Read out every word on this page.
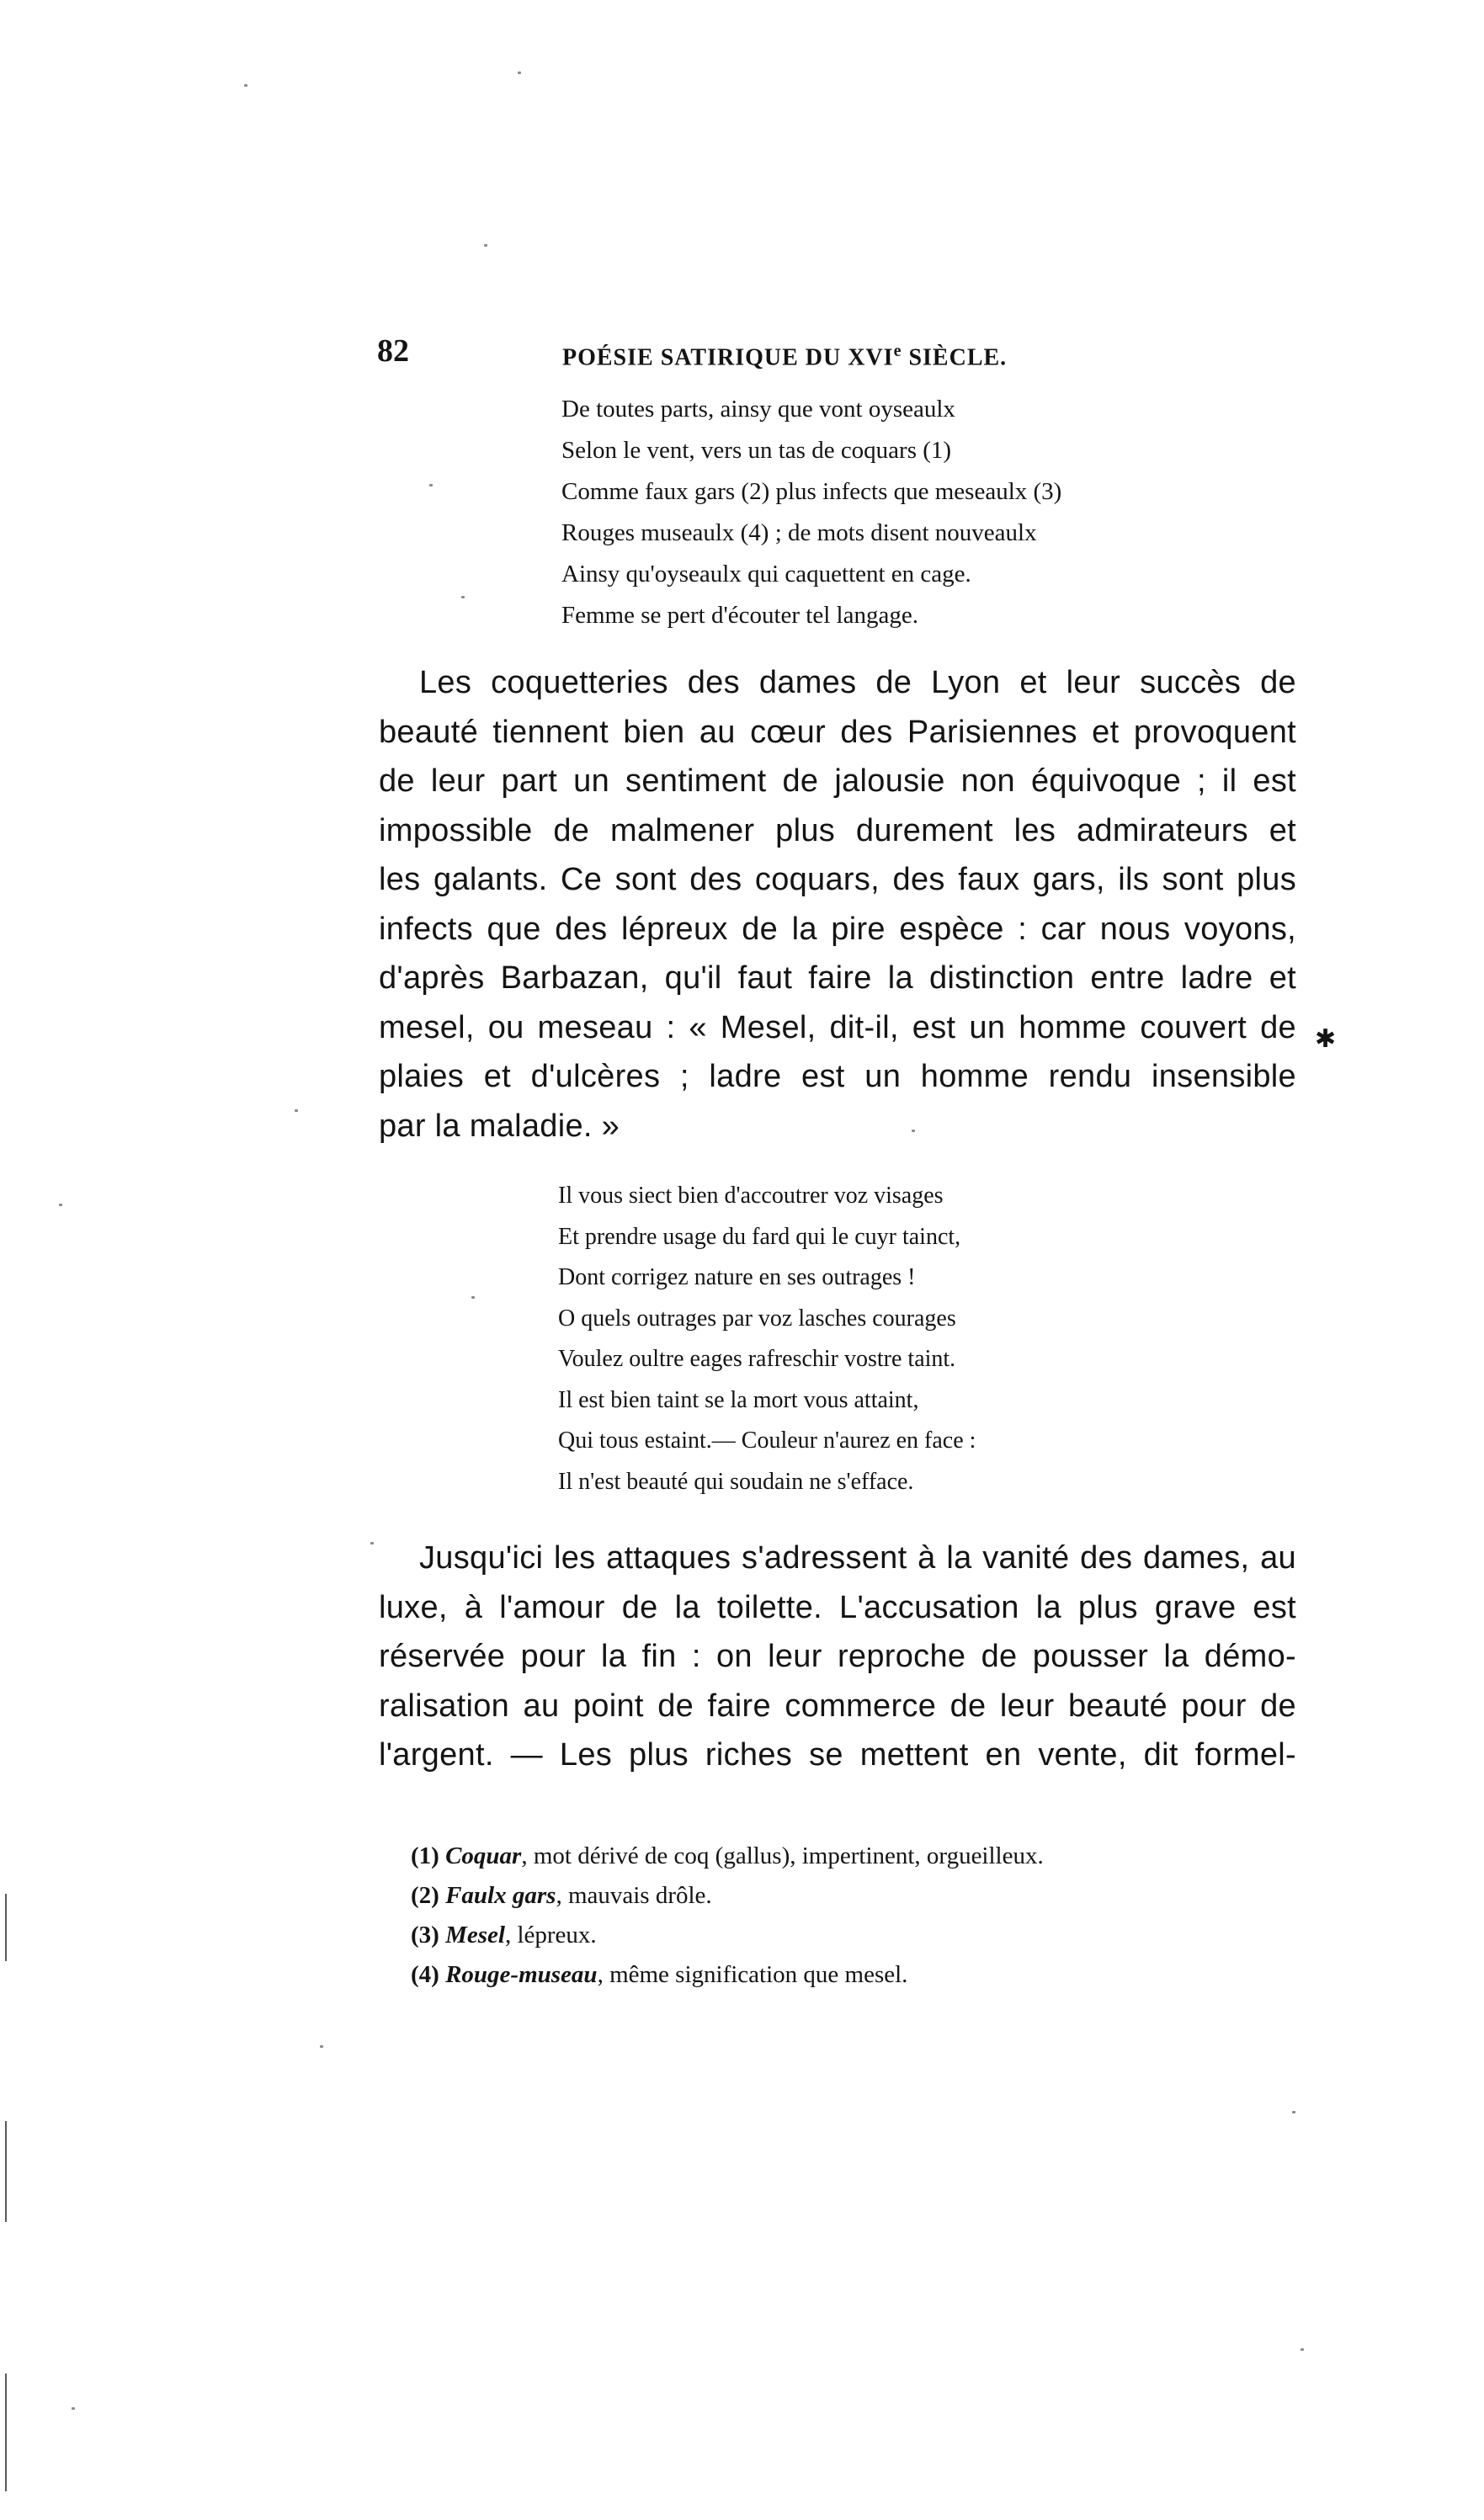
82	POÉSIE SATIRIQUE DU XVIe SIÈCLE.
De toutes parts, ainsy que vont oyseaulx
Selon le vent, vers un tas de coquars (1)
Comme faux gars (2) plus infects que meseaulx (3)
Rouges museaulx (4) ; de mots disent nouveaulx
Ainsy qu'oyseaulx qui caquettent en cage.
Femme se pert d'écouter tel langage.
Les coquetteries des dames de Lyon et leur succès de
beauté tiennent bien au cœur des Parisiennes et provoquent
de leur part un sentiment de jalousie non équivoque ; il est
impossible de malmener plus durement les admirateurs et
les galants. Ce sont des coquars, des faux gars, ils sont plus
infects que des lépreux de la pire espèce : car nous voyons,
d'après Barbazan, qu'il faut faire la distinction entre ladre et
mesel, ou meseau : « Mesel, dit-il, est un homme couvert de
plaies et d'ulcères ; ladre est un homme rendu insensible
par la maladie. »
✱
Il vous siect bien d'accoutrer voz visages
Et prendre usage du fard qui le cuyr tainct,
Dont corrigez nature en ses outrages !
O quels outrages par voz lasches courages
Voulez oultre eages rafreschir vostre taint.
Il est bien taint se la mort vous attaint,
Qui tous estaint.— Couleur n'aurez en face :
Il n'est beauté qui soudain ne s'efface.
Jusqu'ici les attaques s'adressent à la vanité des dames, au
luxe, à l'amour de la toilette. L'accusation la plus grave est
réservée pour la fin : on leur reproche de pousser la démo-
ralisation au point de faire commerce de leur beauté pour de
l'argent. — Les plus riches se mettent en vente, dit formel-
(1) Coquar, mot dérivé de coq (gallus), impertinent, orgueilleux.
(2) Faulx gars, mauvais drôle.
(3) Mesel, lépreux.
(4) Rouge-museau, même signification que mesel.
